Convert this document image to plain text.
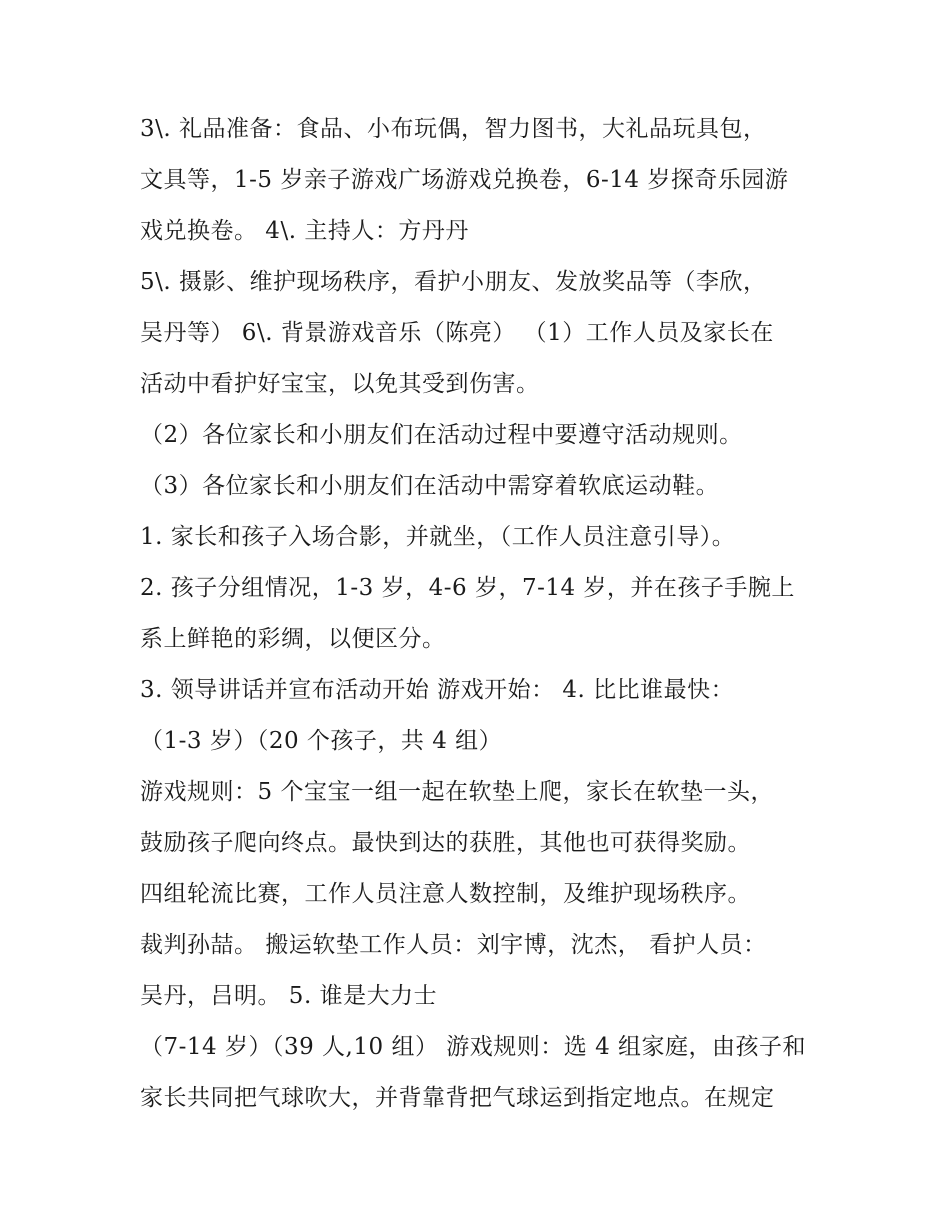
3\. 礼品准备：食品、小布玩偶，智力图书，大礼品玩具包，
文具等，1-5 岁亲子游戏广场游戏兑换卷，6-14 岁探奇乐园游
戏兑换卷。 4\. 主持人：方丹丹
5\. 摄影、维护现场秩序，看护小朋友、发放奖品等（李欣，
吴丹等） 6\. 背景游戏音乐（陈亮） （1）工作人员及家长在
活动中看护好宝宝，以免其受到伤害。
（2）各位家长和小朋友们在活动过程中要遵守活动规则。
（3）各位家长和小朋友们在活动中需穿着软底运动鞋。
1. 家长和孩子入场合影，并就坐，（工作人员注意引导）。
2. 孩子分组情况，1-3 岁，4-6 岁，7-14 岁，并在孩子手腕上
系上鲜艳的彩绸，以便区分。
3. 领导讲话并宣布活动开始 游戏开始： 4. 比比谁最快：
（1-3 岁）（20 个孩子，共 4 组）
游戏规则：5 个宝宝一组一起在软垫上爬，家长在软垫一头，
鼓励孩子爬向终点。最快到达的获胜，其他也可获得奖励。
四组轮流比赛，工作人员注意人数控制，及维护现场秩序。
裁判孙喆。 搬运软垫工作人员：刘宇博，沈杰， 看护人员：
吴丹，吕明。 5. 谁是大力士
（7-14 岁）（39 人,10 组） 游戏规则：选 4 组家庭，由孩子和
家长共同把气球吹大，并背靠背把气球运到指定地点。在规定
